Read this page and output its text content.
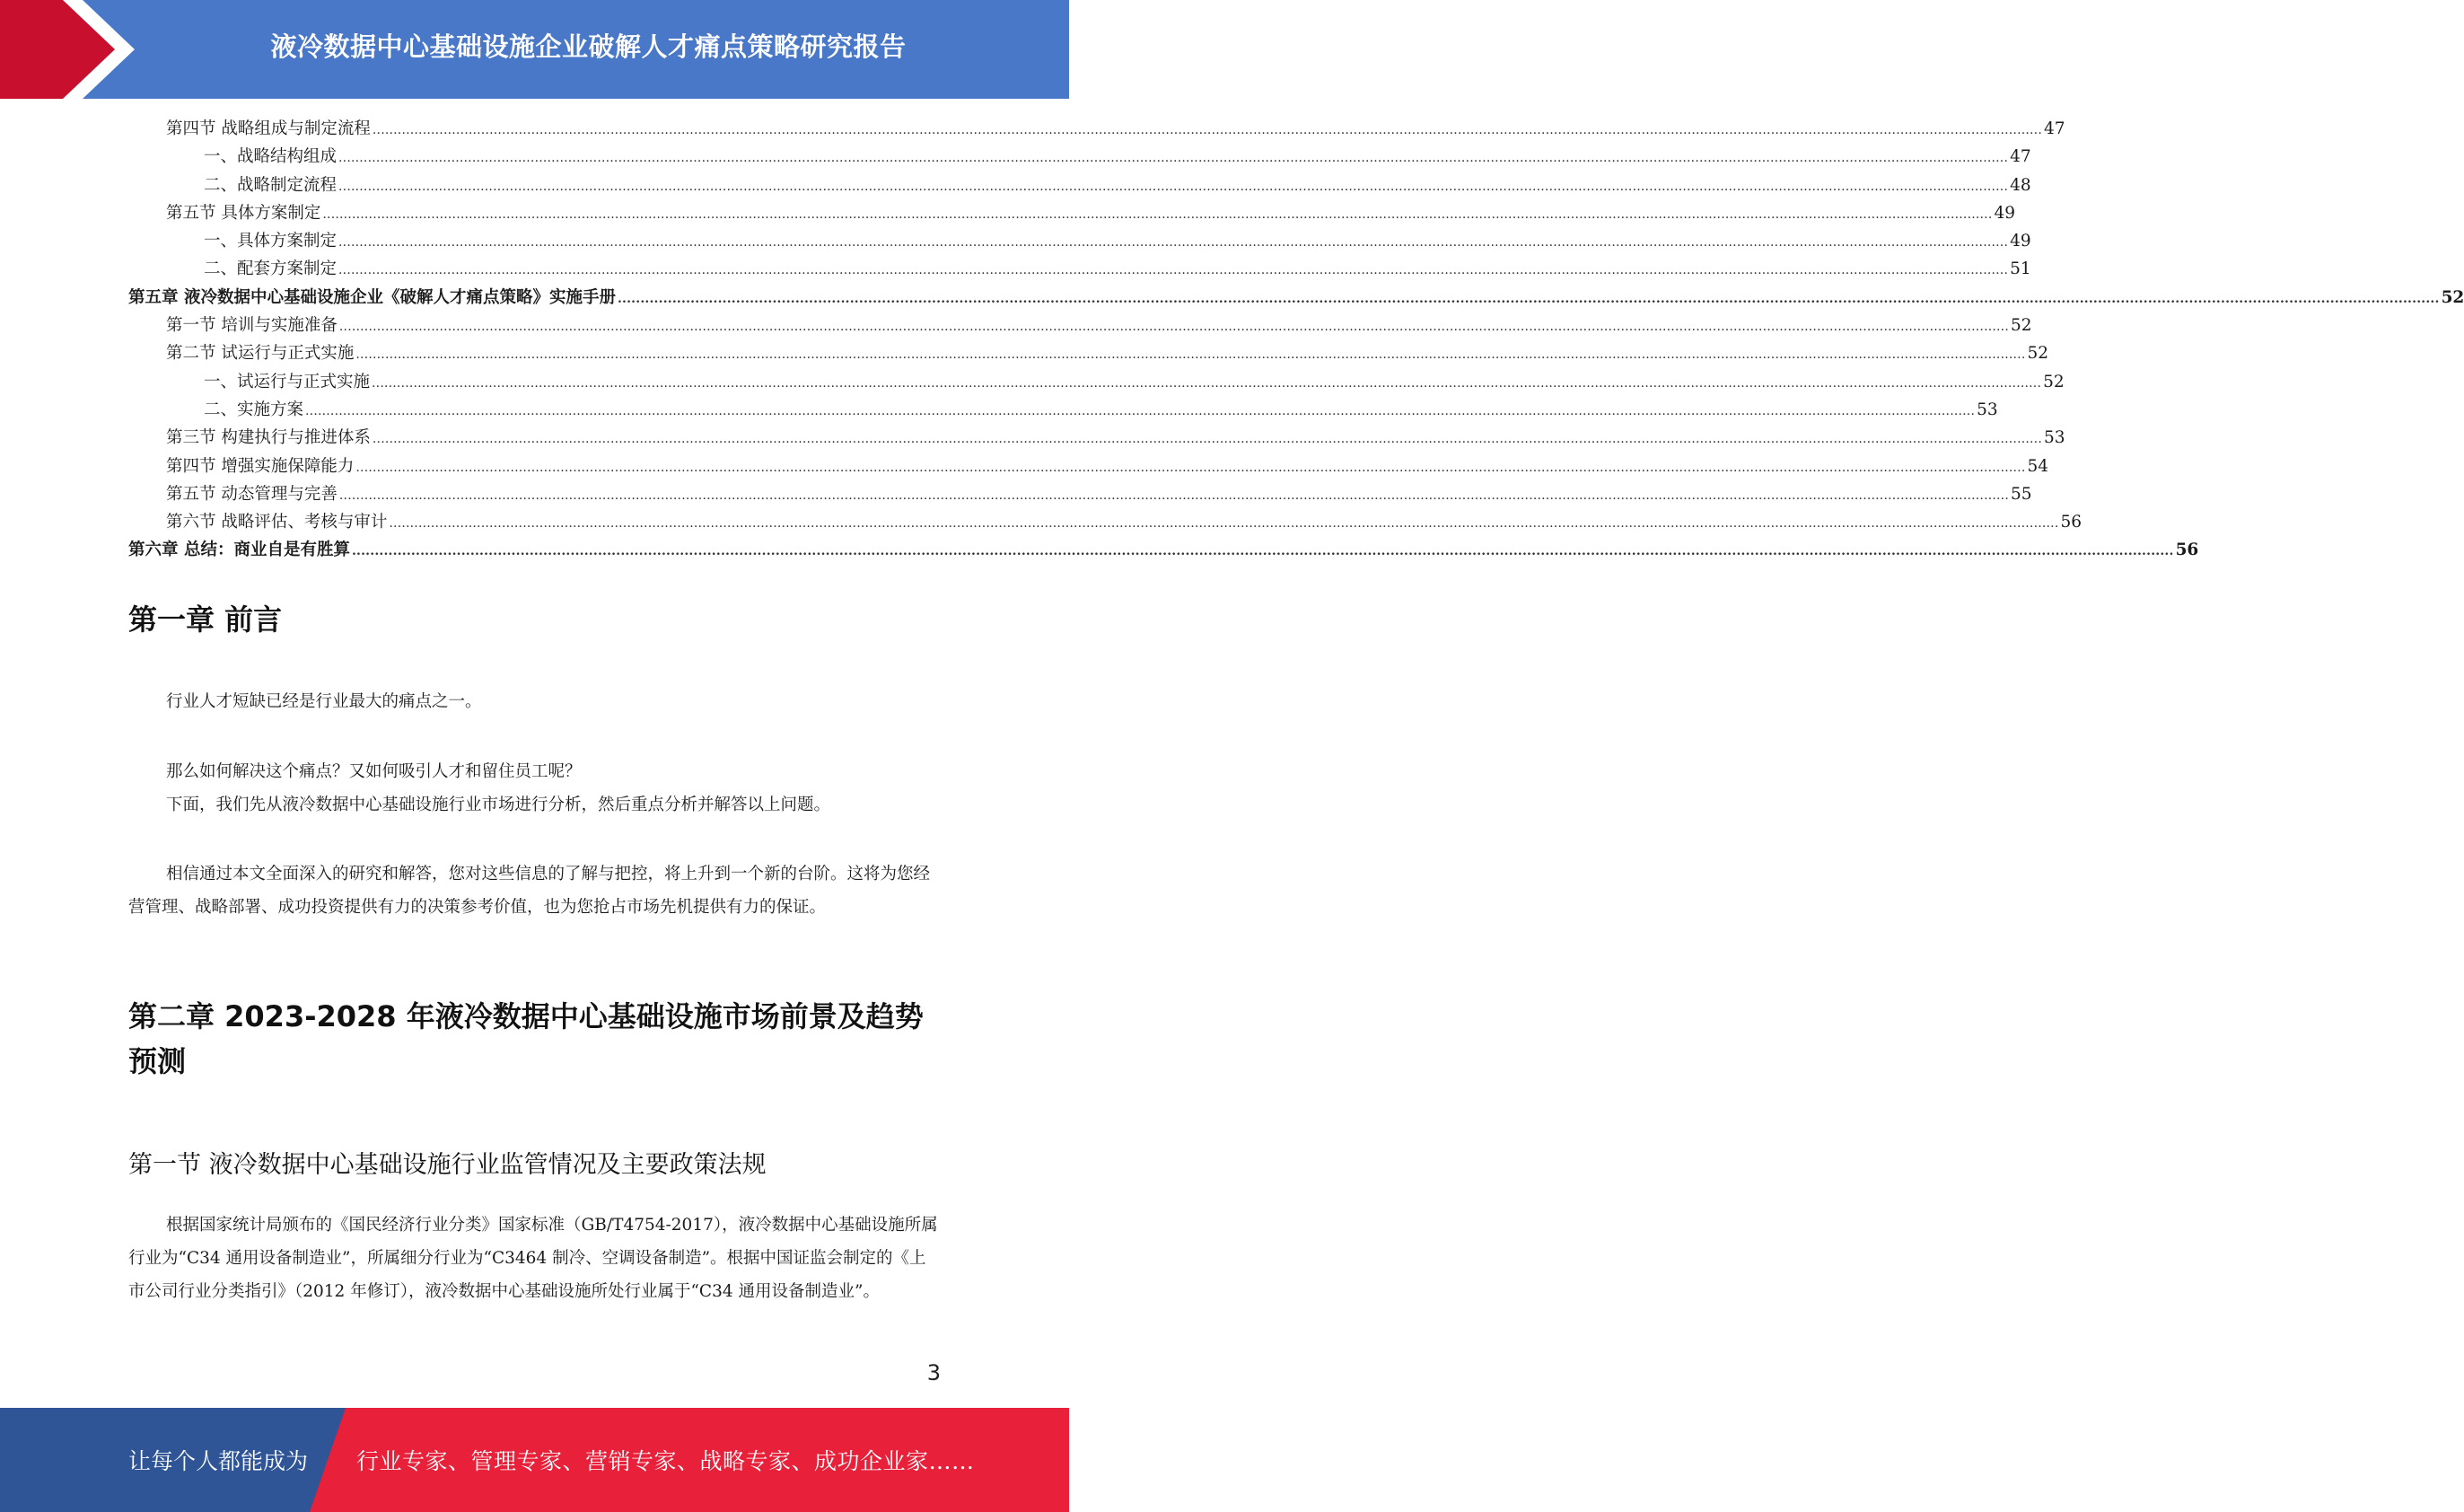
液冷数据中心基础设施企业破解人才痛点策略研究报告
第四节 战略组成与制定流程 ................................................................................................................................................................................................................................................................................................................................................................................................................ 47
一、战略结构组成 ................................................................................................................................................................................................................................................................................................................................................................................................................ 47
二、战略制定流程 ................................................................................................................................................................................................................................................................................................................................................................................................................ 48
第五节 具体方案制定 ................................................................................................................................................................................................................................................................................................................................................................................................................ 49
一、具体方案制定 ................................................................................................................................................................................................................................................................................................................................................................................................................ 49
二、配套方案制定 ................................................................................................................................................................................................................................................................................................................................................................................................................ 51
第五章 液冷数据中心基础设施企业《破解人才痛点策略》实施手册 ................................................................................................................................................................................................................................................................................................................................................................................................................ 52
第一节 培训与实施准备 ................................................................................................................................................................................................................................................................................................................................................................................................................ 52
第二节 试运行与正式实施 ................................................................................................................................................................................................................................................................................................................................................................................................................ 52
一、试运行与正式实施 ................................................................................................................................................................................................................................................................................................................................................................................................................ 52
二、实施方案 ................................................................................................................................................................................................................................................................................................................................................................................................................ 53
第三节 构建执行与推进体系 ................................................................................................................................................................................................................................................................................................................................................................................................................ 53
第四节 增强实施保障能力 ................................................................................................................................................................................................................................................................................................................................................................................................................ 54
第五节 动态管理与完善 ................................................................................................................................................................................................................................................................................................................................................................................................................ 55
第六节 战略评估、考核与审计 ................................................................................................................................................................................................................................................................................................................................................................................................................ 56
第六章 总结：商业自是有胜算 ................................................................................................................................................................................................................................................................................................................................................................................................................ 56
第一章 前言

行业人才短缺已经是行业最大的痛点之一。

那么如何解决这个痛点？又如何吸引人才和留住员工呢？

下面，我们先从液冷数据中心基础设施行业市场进行分析，然后重点分析并解答以上问题。

相信通过本文全面深入的研究和解答，您对这些信息的了解与把控，将上升到一个新的台阶。这将为您经营管理、战略部署、成功投资提供有力的决策参考价值，也为您抢占市场先机提供有力的保证。

第二章 2023-2028 年液冷数据中心基础设施市场前景及趋势预测
第一节 液冷数据中心基础设施行业监管情况及主要政策法规

根据国家统计局颁布的《国民经济行业分类》国家标准（GB/T4754-2017），液冷数据中心基础设施所属行业为“C34 通用设备制造业”，所属细分行业为“C3464 制冷、空调设备制造”。根据中国证监会制定的《上市公司行业分类指引》（2012 年修订），液冷数据中心基础设施所处行业属于“C34 通用设备制造业”。

3
让每个人都能成为 行业专家、管理专家、营销专家、战略专家、成功企业家……
